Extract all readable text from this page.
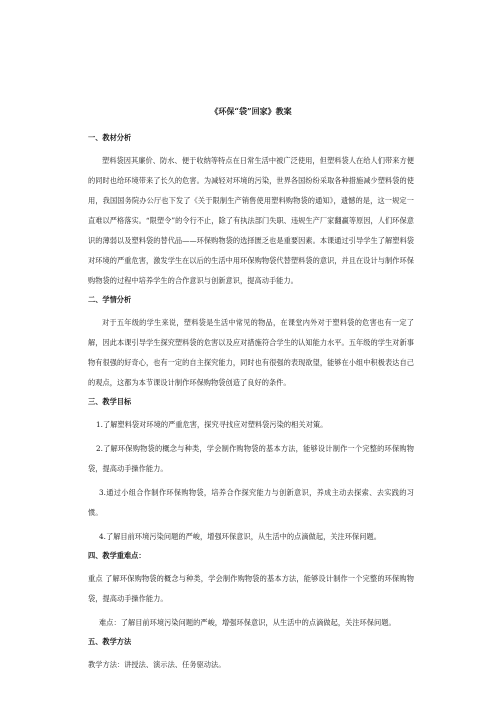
《环保“袋”回家》教案
一、教材分析

塑料袋因其廉价、防水、便于收纳等特点在日常生活中被广泛使用，但塑料袋人在给人们带来方便的同时也给环境带来了长久的危害。为减轻对环境的污染，世界各国纷纷采取各种措施减少塑料袋的使用，我国国务院办公厅也下发了《关于限制生产销售使用塑料购物袋的通知》，遗憾的是，这一规定一直难以严格落实。“限塑令”的令行不止，除了有执法部门失职、违规生产厂家翻赢等原因，人们环保意识的薄弱以及塑料袋的替代品——环保购物袋的选择匮乏也是重要因素。本课通过引导学生了解塑料袋对环境的严重危害，激发学生在以后的生活中用环保购物袋代替塑料袋的意识，并且在设计与制作环保购物袋的过程中培养学生的合作意识与创新意识，提高动手能力。

二、学情分析

对于五年级的学生来说，塑料袋是生活中常见的物品，在课堂内外对于塑料袋的危害也有一定了解，因此本课引导学生探究塑料袋的危害以及应对措施符合学生的认知能力水平。五年级的学生对新事物有很强的好奇心，也有一定的自主探究能力，同时也有很强的表现欲望，能够在小组中积极表达自己的观点，这都为本节课设计制作环保购物袋创造了良好的条件。

三、教学目标

1.了解塑料袋对环境的严重危害，探究寻找应对塑料袋污染的相关对策。

2.了解环保购物袋的概念与种类，学会制作购物袋的基本方法，能够设计制作一个完整的环保购物袋，提高动手操作能力。

3.通过小组合作制作环保购物袋，培养合作探究能力与创新意识，养成主动去探索、去实践的习惯。

4.了解目前环境污染问题的严峻，增强环保意识，从生活中的点滴做起，关注环保问题。

四、教学重难点：

重点 了解环保购物袋的概念与种类，学会制作购物袋的基本方法，能够设计制作一个完整的环保购物袋，提高动手操作能力。

难点：了解目前环境污染问题的严峻，增强环保意识，从生活中的点滴做起，关注环保问题。

五、教学方法

教学方法：讲授法、演示法、任务驱动法。
